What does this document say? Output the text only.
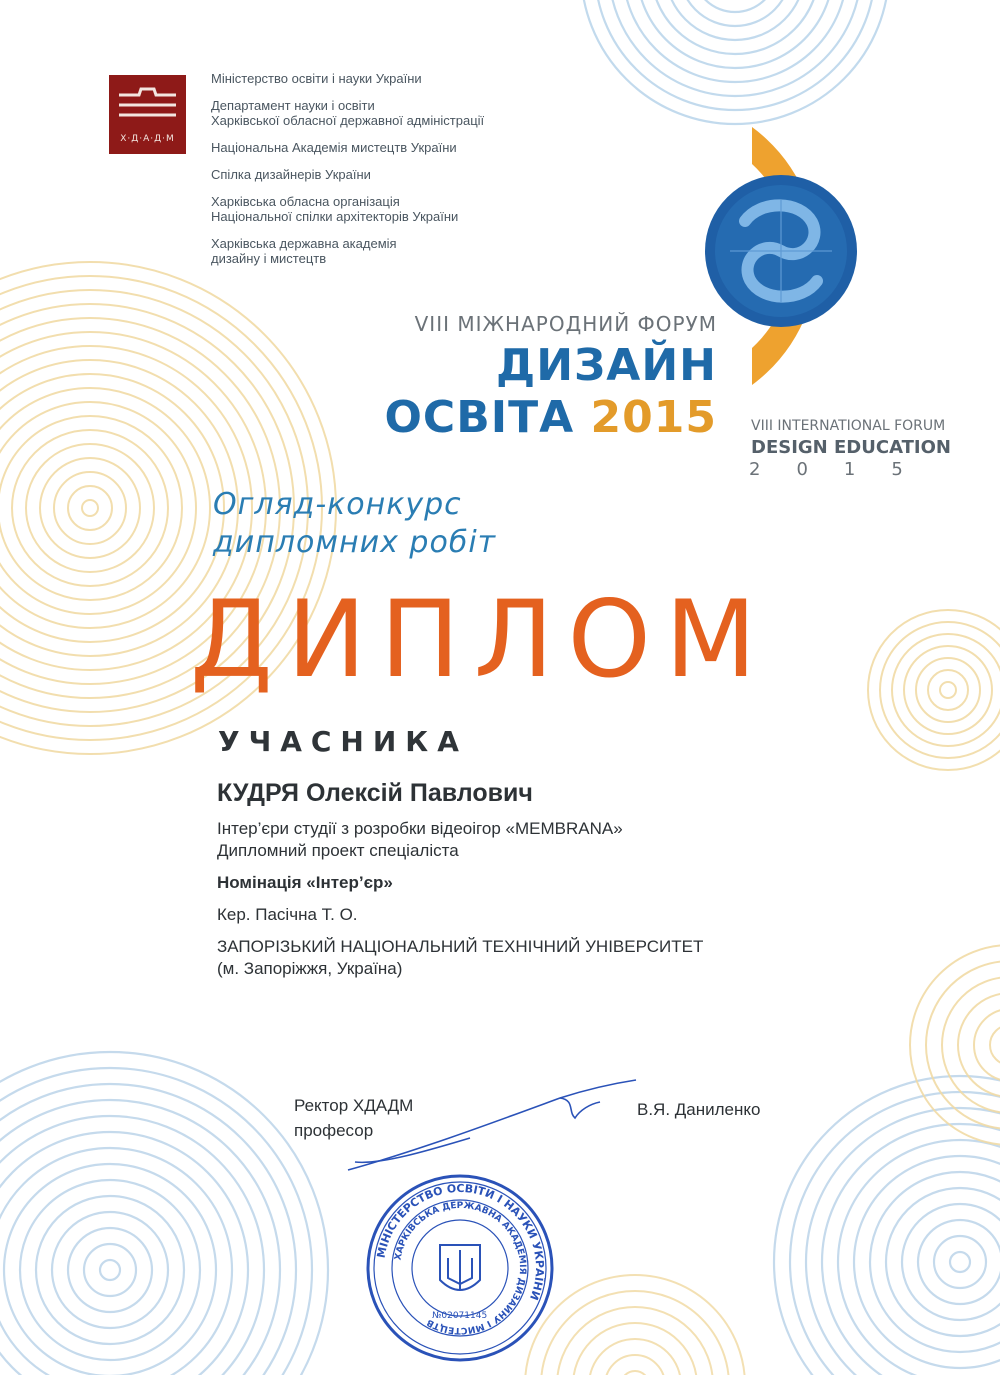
МІНІСТЕРСТВО ОСВІТИ І НАУКИ УКРАЇНИ
ХАРКІВСЬКА ДЕРЖАВНА АКАДЕМІЯ ДИЗАЙНУ І МИСТЕЦТВ
№02071145
Х·Д·А·Д·М
Міністерство освіти і науки України
Департамент науки і освіти
Харківської обласної державної адміністрації
Національна Академія мистецтв України
Спілка дизайнерів України
Харківська обласна організація
Національної спілки архітекторів України
Харківська державна академія
дизайну і мистецтв
VIII МІЖНАРОДНИЙ ФОРУМ
ДИЗАЙН
ОСВІТА 2015 VIII INTERNATIONAL FORUM
DESIGN EDUCATION
2015
Огляд-конкурс
дипломних робіт
ДИПЛОМ
УЧАСНИКА
КУДРЯ Олексій Павлович
Інтер’єри студії з розробки відеоігор «MEMBRANA»
Дипломний проект спеціаліста
Номінація «Інтер’єр»
Кер. Пасічна Т. О.
ЗАПОРІЗЬКИЙ НАЦІОНАЛЬНИЙ ТЕХНІЧНИЙ УНІВЕРСИТЕТ
(м. Запоріжжя, Україна)
Ректор ХДАДМ
професор
В.Я. Даниленко
